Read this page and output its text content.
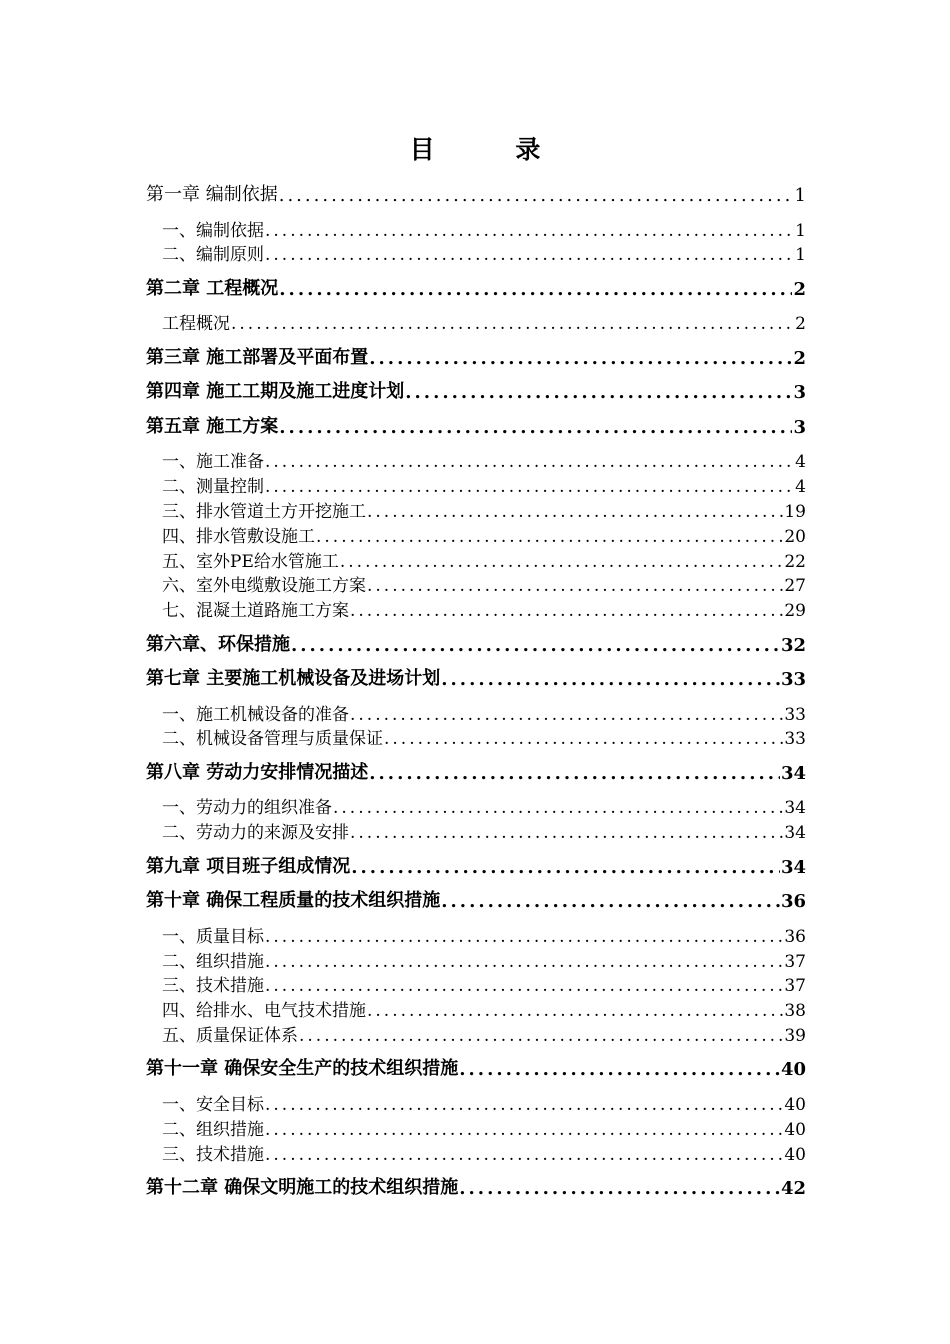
目 录
第一章 编制依据 .....	1
一、编制依据 .....	1
二、编制原则 .....	1
第二章 工程概况 .....	2
工程概况 .....	2
第三章 施工部署及平面布置 .....	2
第四章 施工工期及施工进度计划 .....	3
第五章 施工方案 .....	3
一、施工准备 .....	4
二、测量控制 .....	4
三、排水管道土方开挖施工 .....	19
四、排水管敷设施工 .....	20
五、室外PE给水管施工 .....	22
六、室外电缆敷设施工方案 .....	27
七、混凝土道路施工方案 .....	29
第六章、环保措施 .....	32
第七章 主要施工机械设备及进场计划 .....	33
一、施工机械设备的准备 .....	33
二、机械设备管理与质量保证 .....	33
第八章 劳动力安排情况描述 .....	34
一、劳动力的组织准备 .....	34
二、劳动力的来源及安排 .....	34
第九章 项目班子组成情况 .....	34
第十章 确保工程质量的技术组织措施 .....	36
一、质量目标 .....	36
二、组织措施 .....	37
三、技术措施 .....	37
四、给排水、电气技术措施 .....	38
五、质量保证体系 .....	39
第十一章 确保安全生产的技术组织措施 .....	40
一、安全目标 .....	40
二、组织措施 .....	40
三、技术措施 .....	40
第十二章 确保文明施工的技术组织措施 .....	42
